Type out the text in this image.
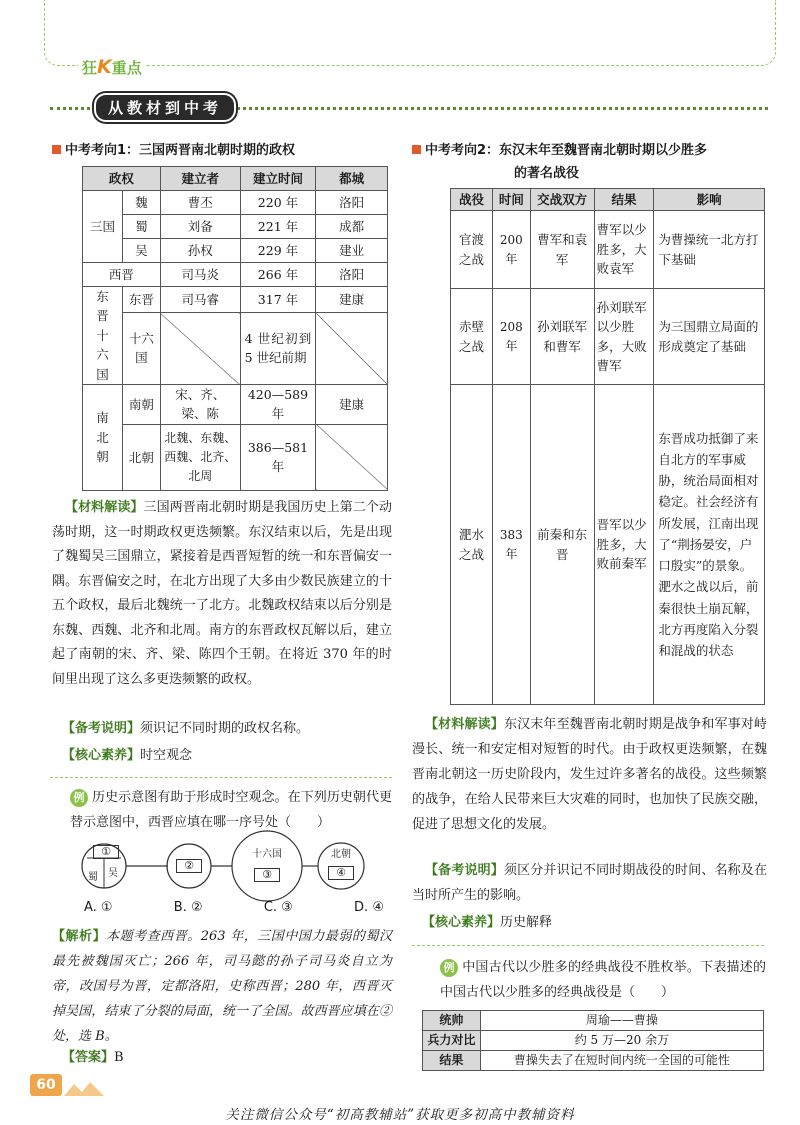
狂K重点
从教材到中考
中考考向1：三国两晋南北朝时期的政权
政权		建立者	建立时间	都城
三国	魏	曹丕	220 年	洛阳
	蜀	刘备	221 年	成都
	吴	孙权	229 年	建业
西晋		司马炎	266 年	洛阳
东晋十六国	东晋	司马睿	317 年	建康
	十六国		4 世纪初到 5 世纪前期	
南北朝	南朝	宋、齐、梁、陈	420—589 年	建康
	北朝	北魏、东魏、西魏、北齐、北周	386—581 年	
【材料解读】三国两晋南北朝时期是我国历史上第二个动荡时期，这一时期政权更迭频繁。东汉结束以后，先是出现了魏蜀吴三国鼎立，紧接着是西晋短暂的统一和东晋偏安一隅。东晋偏安之时，在北方出现了大多由少数民族建立的十五个政权，最后北魏统一了北方。北魏政权结束以后分别是东魏、西魏、北齐和北周。南方的东晋政权瓦解以后，建立起了南朝的宋、齐、梁、陈四个王朝。在将近 370 年的时间里出现了这么多更迭频繁的政权。
【备考说明】须识记不同时期的政权名称。
【核心素养】时空观念
例 历史示意图有助于形成时空观念。在下列历史朝代更替示意图中，西晋应填在哪一序号处（　　）
①
蜀 吴
②
十六国
③
北朝
④
A. ①	B. ②	C. ③	D. ④
【解析】本题考查西晋。263 年，三国中国力最弱的蜀汉最先被魏国灭亡；266 年，司马懿的孙子司马炎自立为帝，改国号为晋，定都洛阳，史称西晋；280 年，西晋灭掉吴国，结束了分裂的局面，统一了全国。故西晋应填在②处，选 B。
【答案】B
中考考向2：东汉末年至魏晋南北朝时期以少胜多
的著名战役
战役	时间	交战双方	结果	影响
官渡之战	200 年	曹军和袁军	曹军以少胜多，大败袁军	为曹操统一北方打下基础
赤壁之战	208 年	孙刘联军和曹军	孙刘联军以少胜多，大败曹军	为三国鼎立局面的形成奠定了基础
淝水之战	383 年	前秦和东晋	晋军以少胜多，大败前秦军	东晋成功抵御了来自北方的军事威胁，统治局面相对稳定。社会经济有所发展，江南出现了“荆扬晏安，户口殷实”的景象。淝水之战以后，前秦很快土崩瓦解，北方再度陷入分裂和混战的状态
【材料解读】东汉末年至魏晋南北朝时期是战争和军事对峙漫长、统一和安定相对短暂的时代。由于政权更迭频繁，在魏晋南北朝这一历史阶段内，发生过许多著名的战役。这些频繁的战争，在给人民带来巨大灾难的同时，也加快了民族交融，促进了思想文化的发展。
【备考说明】须区分并识记不同时期战役的时间、名称及在当时所产生的影响。
【核心素养】历史解释
例 中国古代以少胜多的经典战役不胜枚举。下表描述的中国古代以少胜多的经典战役是（　　）
统帅	周瑜——曹操
兵力对比	约 5 万—20 余万
结果	曹操失去了在短时间内统一全国的可能性
60
关注微信公众号“初高教辅站”获取更多初高中教辅资料
